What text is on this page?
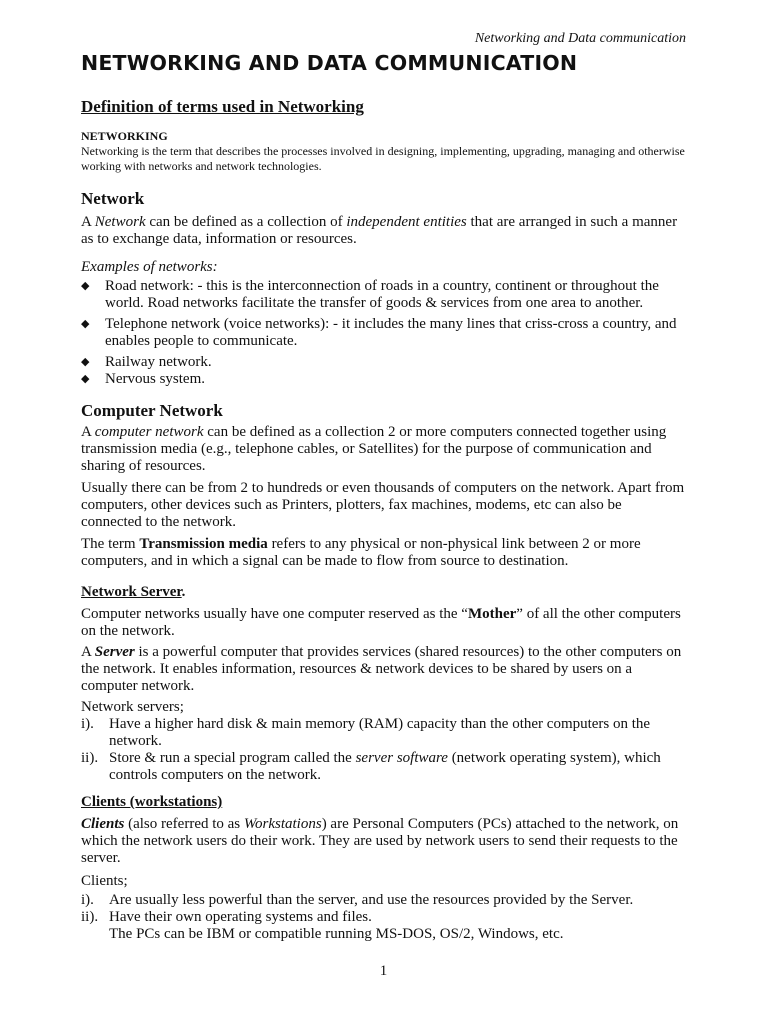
Networking and Data communication
NETWORKING AND DATA COMMUNICATION
Definition of terms used in Networking
NETWORKING

Networking is the term that describes the processes involved in designing, implementing, upgrading, managing and otherwise working with networks and network technologies.

Network

A Network can be defined as a collection of independent entities that are arranged in such a manner as to exchange data, information or resources.

Examples of networks:

◆ Road network: - this is the interconnection of roads in a country, continent or throughout the world. Road networks facilitate the transfer of goods & services from one area to another.
◆ Telephone network (voice networks): - it includes the many lines that criss-cross a country, and enables people to communicate.
◆ Railway network.
◆ Nervous system.
Computer Network

A computer network can be defined as a collection 2 or more computers connected together using transmission media (e.g., telephone cables, or Satellites) for the purpose of communication and sharing of resources.

Usually there can be from 2 to hundreds or even thousands of computers on the network. Apart from computers, other devices such as Printers, plotters, fax machines, modems, etc can also be connected to the network.

The term Transmission media refers to any physical or non-physical link between 2 or more computers, and in which a signal can be made to flow from source to destination.

Network Server.

Computer networks usually have one computer reserved as the “Mother” of all the other computers on the network.

A Server is a powerful computer that provides services (shared resources) to the other computers on the network. It enables information, resources & network devices to be shared by users on a computer network.

Network servers;

i). Have a higher hard disk & main memory (RAM) capacity than the other computers on the network.
ii). Store & run a special program called the server software (network operating system), which controls computers on the network.

Clients (workstations)

Clients (also referred to as Workstations) are Personal Computers (PCs) attached to the network, on which the network users do their work. They are used by network users to send their requests to the server.

Clients;

i). Are usually less powerful than the server, and use the resources provided by the Server.
ii). Have their own operating systems and files.

The PCs can be IBM or compatible running MS-DOS, OS/2, Windows, etc.

1
